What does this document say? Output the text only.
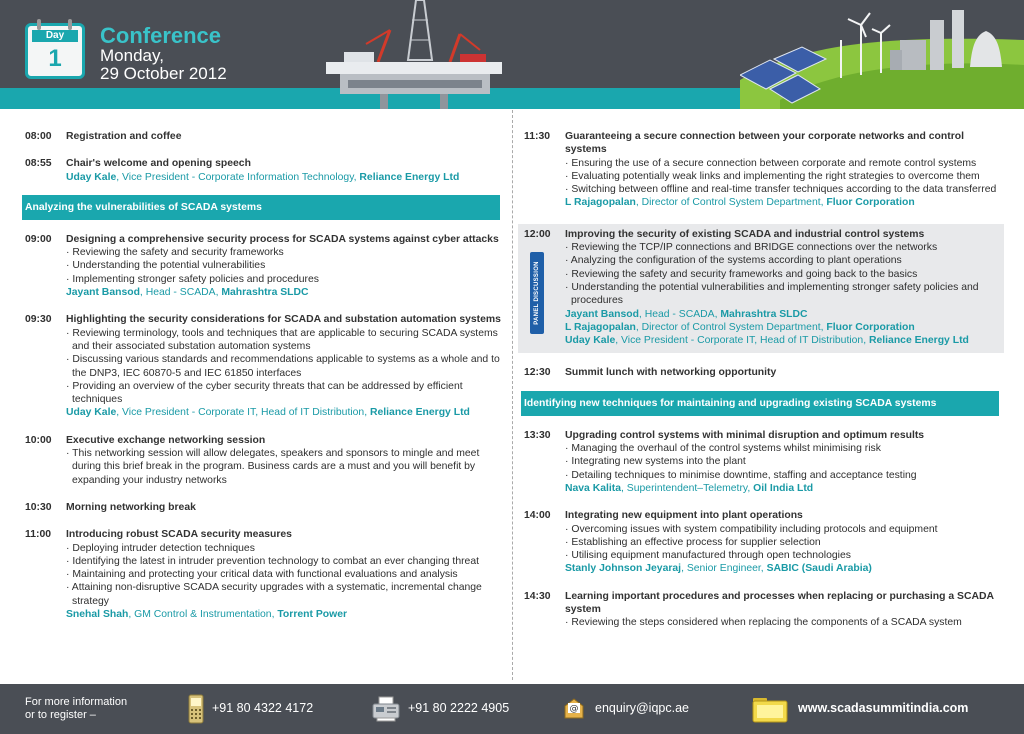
Day
1
Conference
Monday,
29 October 2012
08:00	Registration and coffee
08:55	Chair's welcome and opening speech
Uday Kale, Vice President - Corporate Information Technology, Reliance Energy Ltd
Analyzing the vulnerabilities of SCADA systems
09:00	Designing a comprehensive security process for SCADA systems against cyber attacks
· Reviewing the safety and security frameworks
· Understanding the potential vulnerabilities
· Implementing stronger safety policies and procedures
Jayant Bansod, Head - SCADA, Mahrashtra SLDC
09:30	Highlighting the security considerations for SCADA and substation automation systems
· Reviewing terminology, tools and techniques that are applicable to securing SCADA systems and their associated substation automation systems
· Discussing various standards and recommendations applicable to systems as a whole and to the DNP3, IEC 60870-5 and IEC 61850 interfaces
· Providing an overview of the cyber security threats that can be addressed by efficient techniques
Uday Kale, Vice President - Corporate IT, Head of IT Distribution, Reliance Energy Ltd
10:00	Executive exchange networking session
· This networking session will allow delegates, speakers and sponsors to mingle and meet during this brief break in the program. Business cards are a must and you will benefit by expanding your industry networks
10:30	Morning networking break
11:00	Introducing robust SCADA security measures
· Deploying intruder detection techniques
· Identifying the latest in intruder prevention technology to combat an ever changing threat
· Maintaining and protecting your critical data with functional evaluations and analysis
· Attaining non-disruptive SCADA security upgrades with a systematic, incremental change strategy
Snehal Shah, GM Control & Instrumentation, Torrent Power
11:30	Guaranteeing a secure connection between your corporate networks and control systems
· Ensuring the use of a secure connection between corporate and remote control systems
· Evaluating potentially weak links and implementing the right strategies to overcome them
· Switching between offline and real-time transfer techniques according to the data transferred
L Rajagopalan, Director of Control System Department, Fluor Corporation
PANEL DISCUSSION
12:00	Improving the security of existing SCADA and industrial control systems
· Reviewing the TCP/IP connections and BRIDGE connections over the networks
· Analyzing the configuration of the systems according to plant operations
· Reviewing the safety and security frameworks and going back to the basics
· Understanding the potential vulnerabilities and implementing stronger safety policies and procedures
Jayant Bansod, Head - SCADA, Mahrashtra SLDC
L Rajagopalan, Director of Control System Department, Fluor Corporation
Uday Kale, Vice President - Corporate IT, Head of IT Distribution, Reliance Energy Ltd
12:30	Summit lunch with networking opportunity
Identifying new techniques for maintaining and upgrading existing SCADA systems
13:30	Upgrading control systems with minimal disruption and optimum results
· Managing the overhaul of the control systems whilst minimising risk
· Integrating new systems into the plant
· Detailing techniques to minimise downtime, staffing and acceptance testing
Nava Kalita, Superintendent–Telemetry, Oil India Ltd
14:00	Integrating new equipment into plant operations
· Overcoming issues with system compatibility including protocols and equipment
· Establishing an effective process for supplier selection
· Utilising equipment manufactured through open technologies
Stanly Johnson Jeyaraj, Senior Engineer, SABIC (Saudi Arabia)
14:30	Learning important procedures and processes when replacing or purchasing a SCADA system
· Reviewing the steps considered when replacing the components of a SCADA system
For more information
or to register –	+91 80 4322 4172	+91 80 2222 4905	@ enquiry@iqpc.ae	www.scadasummitindia.com
